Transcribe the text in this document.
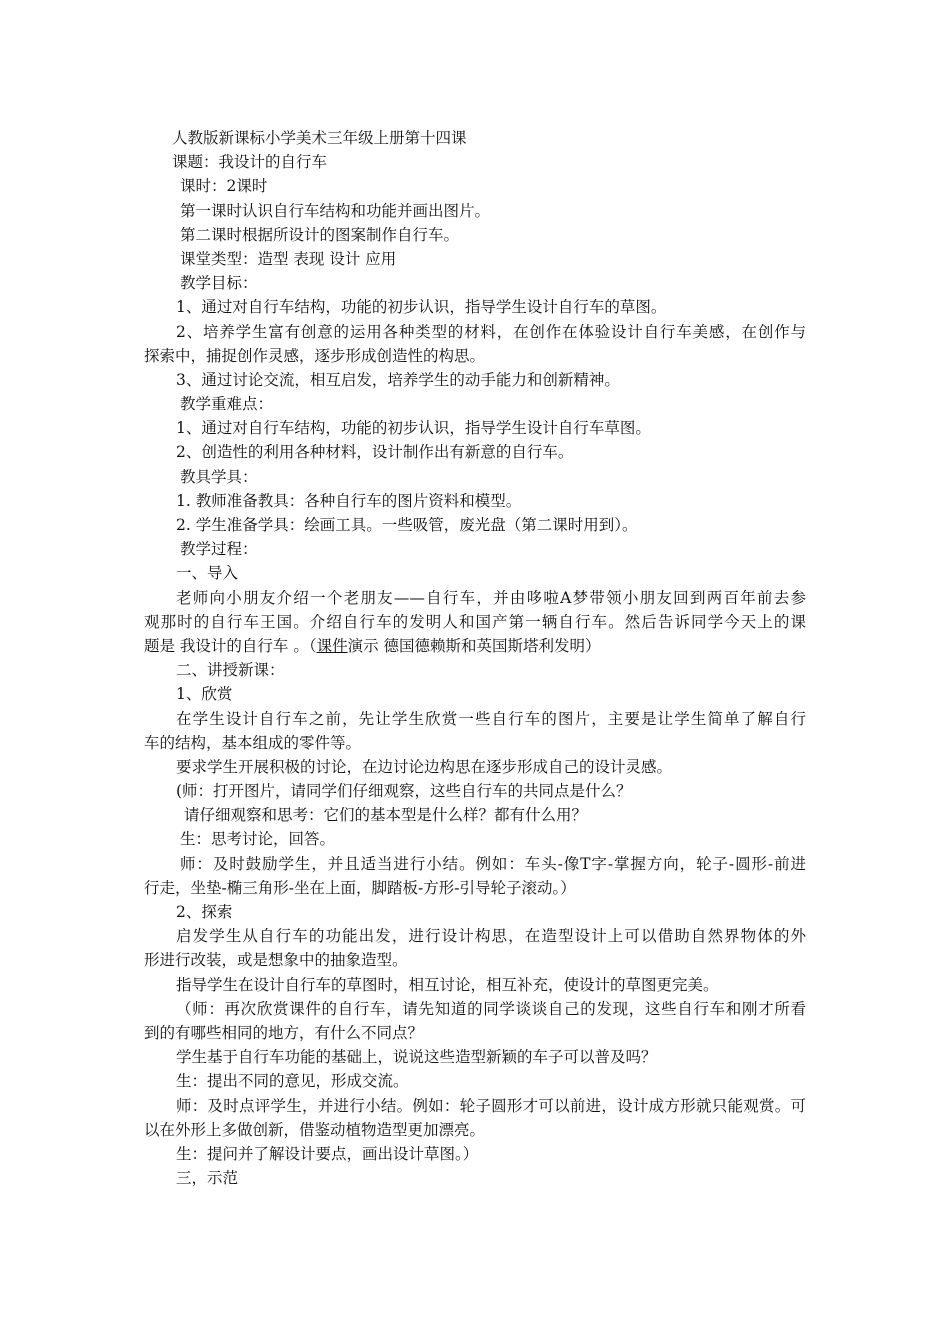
人教版新课标小学美术三年级上册第十四课
课题：我设计的自行车
课时：2课时
第一课时认识自行车结构和功能并画出图片。
第二课时根据所设计的图案制作自行车。
课堂类型：造型 表现 设计 应用
教学目标：
1、通过对自行车结构，功能的初步认识，指导学生设计自行车的草图。
2、培养学生富有创意的运用各种类型的材料，在创作在体验设计自行车美感，在创作与
探索中，捕捉创作灵感，逐步形成创造性的构思。
3、通过讨论交流，相互启发，培养学生的动手能力和创新精神。
教学重难点：
1、通过对自行车结构，功能的初步认识，指导学生设计自行车草图。
2、创造性的利用各种材料，设计制作出有新意的自行车。
教具学具：
1. 教师准备教具：各种自行车的图片资料和模型。
2. 学生准备学具：绘画工具。一些吸管，废光盘（第二课时用到）。
教学过程：
一、导入
老师向小朋友介绍一个老朋友——自行车，并由哆啦A梦带领小朋友回到两百年前去参
观那时的自行车王国。介绍自行车的发明人和国产第一辆自行车。然后告诉同学今天上的课
题是 我设计的自行车 。（课件演示 德国德赖斯和英国斯塔利发明）
二、讲授新课：
1、欣赏
在学生设计自行车之前，先让学生欣赏一些自行车的图片，主要是让学生简单了解自行
车的结构，基本组成的零件等。
要求学生开展积极的讨论，在边讨论边构思在逐步形成自己的设计灵感。
(师：打开图片，请同学们仔细观察，这些自行车的共同点是什么？
请仔细观察和思考：它们的基本型是什么样？都有什么用？
生：思考讨论，回答。
师：及时鼓励学生，并且适当进行小结。例如：车头-像T字-掌握方向，轮子-圆形-前进
行走，坐垫-椭三角形-坐在上面，脚踏板-方形-引导轮子滚动。）
2、探索
启发学生从自行车的功能出发，进行设计构思，在造型设计上可以借助自然界物体的外
形进行改装，或是想象中的抽象造型。
指导学生在设计自行车的草图时，相互讨论，相互补充，使设计的草图更完美。
（师：再次欣赏课件的自行车，请先知道的同学谈谈自己的发现，这些自行车和刚才所看
到的有哪些相同的地方，有什么不同点？
学生基于自行车功能的基础上，说说这些造型新颖的车子可以普及吗？
生：提出不同的意见，形成交流。
师：及时点评学生，并进行小结。例如：轮子圆形才可以前进，设计成方形就只能观赏。可
以在外形上多做创新，借鉴动植物造型更加漂亮。
生：提问并了解设计要点，画出设计草图。）
三，示范
